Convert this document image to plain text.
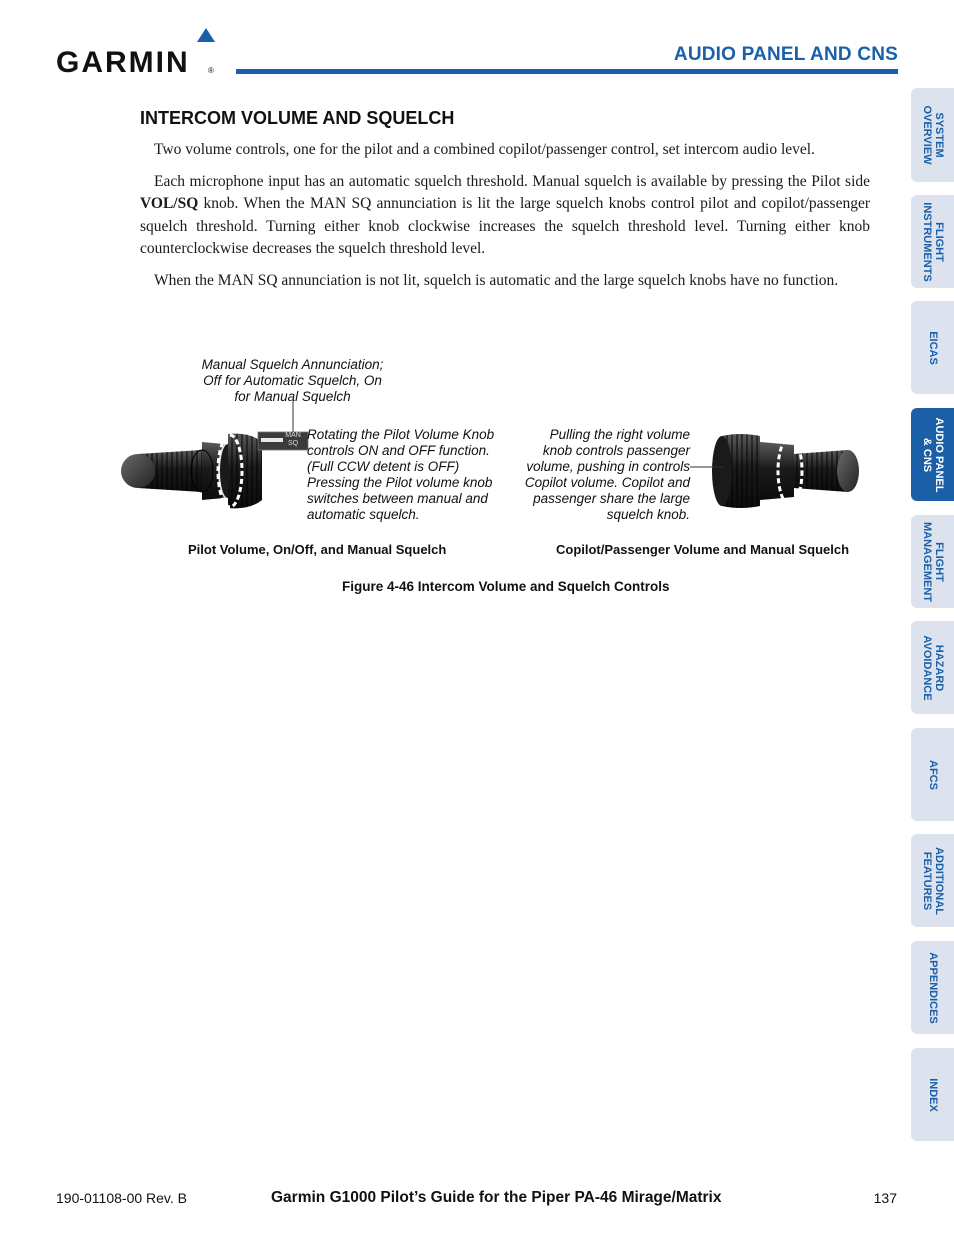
GARMIN ®
AUDIO PANEL AND CNS
INTERCOM VOLUME AND SQUELCH

Two volume controls, one for the pilot and a combined copilot/passenger control, set intercom audio level.

Each microphone input has an automatic squelch threshold. Manual squelch is available by pressing the Pilot side VOL/SQ knob. When the MAN SQ annunciation is lit the large squelch knobs control pilot and copilot/passenger squelch threshold. Turning either knob clockwise increases the squelch threshold level. Turning either knob counterclockwise decreases the squelch threshold level.

When the MAN SQ annunciation is not lit, squelch is automatic and the large squelch knobs have no function.

MAN
SQ
Manual Squelch Annunciation;
Off for Automatic Squelch, On
for Manual Squelch
Rotating the Pilot Volume Knob
controls ON and OFF function.
(Full CCW detent is OFF)
Pressing the Pilot volume knob
switches between manual and
automatic squelch.
Pulling the right volume
knob controls passenger
volume, pushing in controls
Copilot volume. Copilot and
passenger share the large
squelch knob.
Pilot Volume, On/Off, and Manual Squelch	Copilot/Passenger Volume and Manual Squelch
Figure 4-46 Intercom Volume and Squelch Controls
SYSTEM
OVERVIEW
FLIGHT
INSTRUMENTS
EICAS
AUDIO PANEL
& CNS
FLIGHT
MANAGEMENT
HAZARD
AVOIDANCE
AFCS
ADDITIONAL
FEATURES
APPENDICES
INDEX
190-01108-00 Rev. B	Garmin G1000 Pilot’s Guide for the Piper PA-46 Mirage/Matrix	137
